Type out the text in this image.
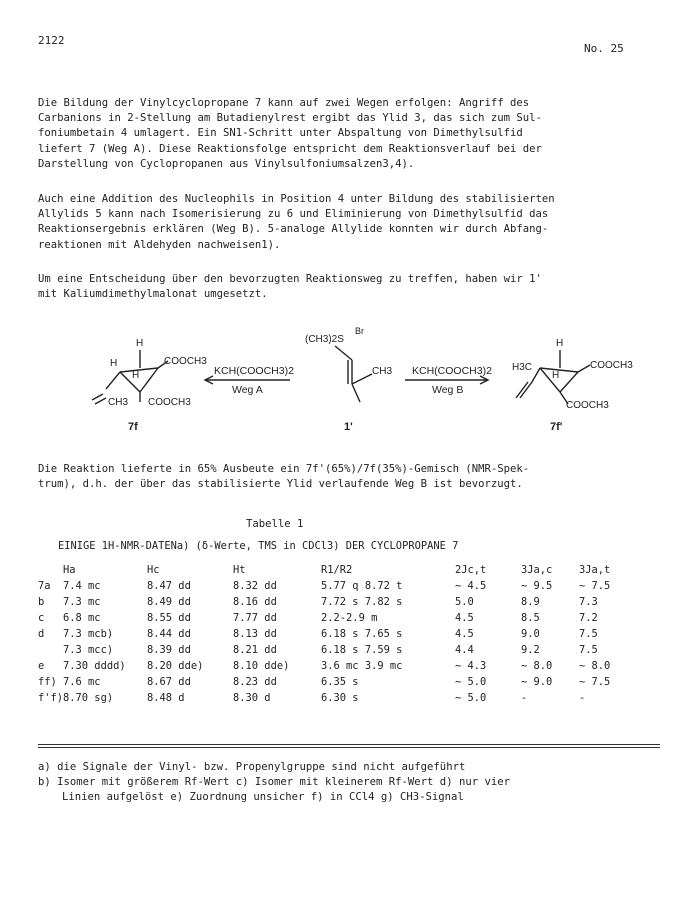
2122
No. 25
Die Bildung der Vinylcyclopropane 7 kann auf zwei Wegen erfolgen: Angriff des
Carbanions in 2-Stellung am Butadienylrest ergibt das Ylid 3, das sich zum Sul-
foniumbetain 4 umlagert. Ein SN1-Schritt unter Abspaltung von Dimethylsulfid
liefert 7 (Weg A). Diese Reaktionsfolge entspricht dem Reaktionsverlauf bei der
Darstellung von Cyclopropanen aus Vinylsulfoniumsalzen3,4).
Auch eine Addition des Nucleophils in Position 4 unter Bildung des stabilisierten
Allylids 5 kann nach Isomerisierung zu 6 und Eliminierung von Dimethylsulfid das
Reaktionsergebnis erklären (Weg B). 5-analoge Allylide konnten wir durch Abfang-
reaktionen mit Aldehyden nachweisen1).
Um eine Entscheidung über den bevorzugten Reaktionsweg zu treffen, haben wir 1'
mit Kaliumdimethylmalonat umgesetzt.
H
H
H
COOCH3
CH3 COOCH3
(CH3)2S
Br
CH3
H
H
H3C	COOCH3
COOCH3
KCH(COOCH3)2
Weg A
KCH(COOCH3)2
Weg B
7f	1'	7f'
Die Reaktion lieferte in 65% Ausbeute ein 7f'(65%)/7f(35%)-Gemisch (NMR-Spek-
trum), d.h. der über das stabilisierte Ylid verlaufende Weg B ist bevorzugt.
Tabelle 1
EINIGE 1H-NMR-DATENa) (δ-Werte, TMS in CDCl3) DER CYCLOPROPANE 7
	Ha	Hc	Ht	R1/R2	2Jc,t	3Ja,c	3Ja,t
7a	7.4 mc	8.47 dd	8.32 dd	5.77 q 8.72 t	~ 4.5	~ 9.5	~ 7.5
b	7.3 mc	8.49 dd	8.16 dd	7.72 s 7.82 s	5.0	8.9	7.3
c	6.8 mc	8.55 dd	7.77 dd	2.2-2.9 m	4.5	8.5	7.2
d	7.3 mcb)	8.44 dd	8.13 dd	6.18 s 7.65 s	4.5	9.0	7.5
	7.3 mcc)	8.39 dd	8.21 dd	6.18 s 7.59 s	4.4	9.2	7.5
e	7.30 dddd)	8.20 dde)	8.10 dde)	3.6 mc 3.9 mc	~ 4.3	~ 8.0	~ 8.0
ff)	7.6 mc	8.67 dd	8.23 dd	6.35 s	~ 5.0	~ 9.0	~ 7.5
f'f)	8.70 sg)	8.48 d	8.30 d	6.30 s	~ 5.0	-	-
a) die Signale der Vinyl- bzw. Propenylgruppe sind nicht aufgeführt
b) Isomer mit größerem Rf-Wert c) Isomer mit kleinerem Rf-Wert d) nur vier
Linien aufgelöst e) Zuordnung unsicher f) in CCl4 g) CH3-Signal
